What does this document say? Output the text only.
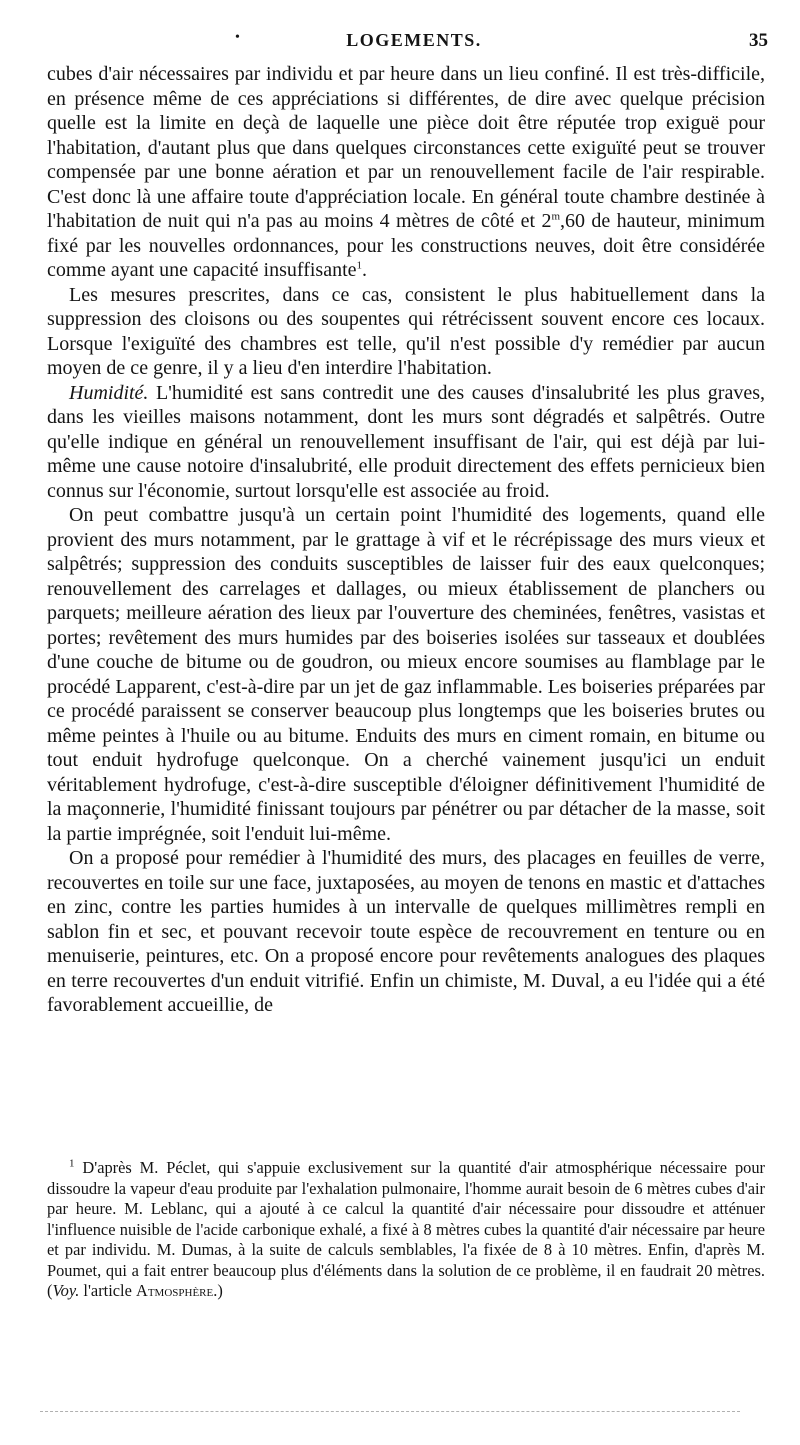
•	LOGEMENTS.	35

cubes d'air nécessaires par individu et par heure dans un lieu confiné. Il est très-difficile, en présence même de ces appréciations si différentes, de dire avec quelque précision quelle est la limite en deçà de laquelle une pièce doit être réputée trop exiguë pour l'habitation, d'autant plus que dans quelques circonstances cette exiguïté peut se trouver compensée par une bonne aération et par un renouvellement facile de l'air respirable. C'est donc là une affaire toute d'appréciation locale. En général toute chambre destinée à l'habitation de nuit qui n'a pas au moins 4 mètres de côté et 2$^m$,60 de hauteur, minimum fixé par les nouvelles ordonnances, pour les constructions neuves, doit être considérée comme ayant une capacité insuffisante$^1$.

Les mesures prescrites, dans ce cas, consistent le plus habituellement dans la suppression des cloisons ou des soupentes qui rétrécissent souvent encore ces locaux. Lorsque l'exiguïté des chambres est telle, qu'il n'est possible d'y remédier par aucun moyen de ce genre, il y a lieu d'en interdire l'habitation.

Humidité. L'humidité est sans contredit une des causes d'insalubrité les plus graves, dans les vieilles maisons notamment, dont les murs sont dégradés et salpêtrés. Outre qu'elle indique en général un renouvellement insuffisant de l'air, qui est déjà par lui-même une cause notoire d'insalubrité, elle produit directement des effets pernicieux bien connus sur l'économie, surtout lorsqu'elle est associée au froid.

On peut combattre jusqu'à un certain point l'humidité des logements, quand elle provient des murs notamment, par le grattage à vif et le récrépissage des murs vieux et salpêtrés; suppression des conduits susceptibles de laisser fuir des eaux quelconques; renouvellement des carrelages et dallages, ou mieux établissement de planchers ou parquets; meilleure aération des lieux par l'ouverture des cheminées, fenêtres, vasistas et portes; revêtement des murs humides par des boiseries isolées sur tasseaux et doublées d'une couche de bitume ou de goudron, ou mieux encore soumises au flamblage par le procédé Lapparent, c'est-à-dire par un jet de gaz inflammable. Les boiseries préparées par ce procédé paraissent se conserver beaucoup plus longtemps que les boiseries brutes ou même peintes à l'huile ou au bitume. Enduits des murs en ciment romain, en bitume ou tout enduit hydrofuge quelconque. On a cherché vainement jusqu'ici un enduit véritablement hydrofuge, c'est-à-dire susceptible d'éloigner définitivement l'humidité de la maçonnerie, l'humidité finissant toujours par pénétrer ou par détacher de la masse, soit la partie imprégnée, soit l'enduit lui-même.

On a proposé pour remédier à l'humidité des murs, des placages en feuilles de verre, recouvertes en toile sur une face, juxtaposées, au moyen de tenons en mastic et d'attaches en zinc, contre les parties humides à un intervalle de quelques millimètres rempli en sablon fin et sec, et pouvant recevoir toute espèce de recouvrement en tenture ou en menuiserie, peintures, etc. On a proposé encore pour revêtements analogues des plaques en terre recouvertes d'un enduit vitrifié. Enfin un chimiste, M. Duval, a eu l'idée qui a été favorablement accueillie, de

$^1$ D'après M. Péclet, qui s'appuie exclusivement sur la quantité d'air atmosphérique nécessaire pour dissoudre la vapeur d'eau produite par l'exhalation pulmonaire, l'homme aurait besoin de 6 mètres cubes d'air par heure. M. Leblanc, qui a ajouté à ce calcul la quantité d'air nécessaire pour dissoudre et atténuer l'influence nuisible de l'acide carbonique exhalé, a fixé à 8 mètres cubes la quantité d'air nécessaire par heure et par individu. M. Dumas, à la suite de calculs semblables, l'a fixée de 8 à 10 mètres. Enfin, d'après M. Poumet, qui a fait entrer beaucoup plus d'éléments dans la solution de ce problème, il en faudrait 20 mètres. (Voy. l'article Atmosphère.)
